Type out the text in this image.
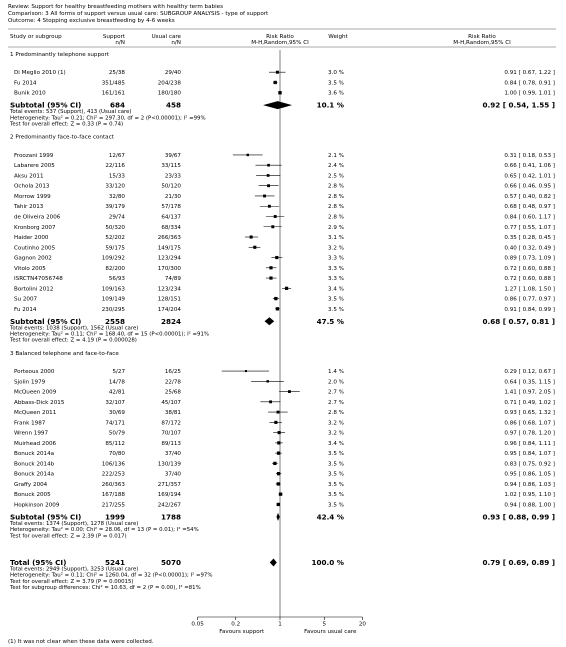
Review: Support for healthy breastfeeding mothers with healthy term babies
Comparison: 3 All forms of support versus usual care: SUBGROUP ANALYSIS - type of support
Outcome: 4 Stopping exclusive breastfeeding by 4-6 weeks
Study or subgroup	Support
n/N
Usual care
n/N
Risk Ratio
M-H,Random,95% CI
Weight	Risk Ratio
M-H,Random,95% CI
1 Predominantly telephone support
Di Meglio 2010 (1)	25/38	29/40	3.0 %	0.91 [ 0.67, 1.22 ]
Fu 2014	351/485	204/238	3.5 %	0.84 [ 0.78, 0.91 ]
Bunik 2010	161/161	180/180	3.6 %	1.00 [ 0.99, 1.01 ]
Subtotal (95% CI)	684	458	10.1 %	0.92 [ 0.54, 1.55 ]
Total events: 537 (Support), 413 (Usual care)
Heterogeneity: Tau² = 0.21; Chi² = 297.30, df = 2 (P<0.00001); I² =99%
Test for overall effect: Z = 0.33 (P = 0.74)
2 Predominantly face-to-face contact
Froozani 1999	12/67	39/67	2.1 %	0.31 [ 0.18, 0.53 ]
Labarere 2005	22/116	33/115	2.4 %	0.66 [ 0.41, 1.06 ]
Aksu 2011	15/33	23/33	2.5 %	0.65 [ 0.42, 1.01 ]
Ochola 2013	33/120	50/120	2.8 %	0.66 [ 0.46, 0.95 ]
Morrow 1999	32/80	21/30	2.8 %	0.57 [ 0.40, 0.82 ]
Tahir 2013	39/179	57/178	2.8 %	0.68 [ 0.48, 0.97 ]
de Oliveira 2006	29/74	64/137	2.8 %	0.84 [ 0.60, 1.17 ]
Kronborg 2007	50/320	68/334	2.9 %	0.77 [ 0.55, 1.07 ]
Haider 2000	52/202	266/363	3.1 %	0.35 [ 0.28, 0.45 ]
Coutinho 2005	59/175	149/175	3.2 %	0.40 [ 0.32, 0.49 ]
Gagnon 2002	109/292	123/294	3.3 %	0.89 [ 0.73, 1.09 ]
Vitolo 2005	82/200	170/300	3.3 %	0.72 [ 0.60, 0.88 ]
ISRCTN47056748	56/93	74/89	3.3 %	0.72 [ 0.60, 0.88 ]
Bortolini 2012	109/163	123/234	3.4 %	1.27 [ 1.08, 1.50 ]
Su 2007	109/149	128/151	3.5 %	0.86 [ 0.77, 0.97 ]
Fu 2014	230/295	174/204	3.5 %	0.91 [ 0.84, 0.99 ]
Subtotal (95% CI)	2558	2824	47.5 %	0.68 [ 0.57, 0.81 ]
Total events: 1038 (Support), 1562 (Usual care)
Heterogeneity: Tau² = 0.11; Chi² = 168.40, df = 15 (P<0.00001); I² =91%
Test for overall effect: Z = 4.19 (P = 0.000028)
3 Balanced telephone and face-to-face
Porteous 2000	5/27	16/25	1.4 %	0.29 [ 0.12, 0.67 ]
Sjolin 1979	14/78	22/78	2.0 %	0.64 [ 0.35, 1.15 ]
McQueen 2009	42/81	25/68	2.7 %	1.41 [ 0.97, 2.05 ]
Abbass-Dick 2015	32/107	45/107	2.7 %	0.71 [ 0.49, 1.02 ]
McQueen 2011	30/69	38/81	2.8 %	0.93 [ 0.65, 1.32 ]
Frank 1987	74/171	87/172	3.2 %	0.86 [ 0.68, 1.07 ]
Wrenn 1997	50/79	70/107	3.2 %	0.97 [ 0.78, 1.20 ]
Muirhead 2006	85/112	89/113	3.4 %	0.96 [ 0.84, 1.11 ]
Bonuck 2014a	70/80	37/40	3.5 %	0.95 [ 0.84, 1.07 ]
Bonuck 2014b	106/136	130/139	3.5 %	0.83 [ 0.75, 0.92 ]
Bonuck 2014a	222/253	37/40	3.5 %	0.95 [ 0.86, 1.05 ]
Graffy 2004	260/363	271/357	3.5 %	0.94 [ 0.86, 1.03 ]
Bonuck 2005	167/188	169/194	3.5 %	1.02 [ 0.95, 1.10 ]
Hopkinson 2009	217/255	242/267	3.5 %	0.94 [ 0.88, 1.00 ]
Subtotal (95% CI)	1999	1788	42.4 %	0.93 [ 0.88, 0.99 ]
Total events: 1374 (Support), 1278 (Usual care)
Heterogeneity: Tau² = 0.00; Chi² = 28.06, df = 13 (P = 0.01); I² =54%
Test for overall effect: Z = 2.39 (P = 0.017)
Total (95% CI)	5241	5070	100.0 %	0.79 [ 0.69, 0.89 ]
Total events: 2949 (Support), 3253 (Usual care)
Heterogeneity: Tau² = 0.11; Chi² = 1260.04, df = 32 (P<0.00001); I² =97%
Test for overall effect: Z = 3.79 (P = 0.00015)
Test for subgroup differences: Chi² = 10.63, df = 2 (P = 0.00), I² =81%
0.05	0.2	1	5	20
Favours support	Favours usual care
(1) It was not clear when these data were collected.
